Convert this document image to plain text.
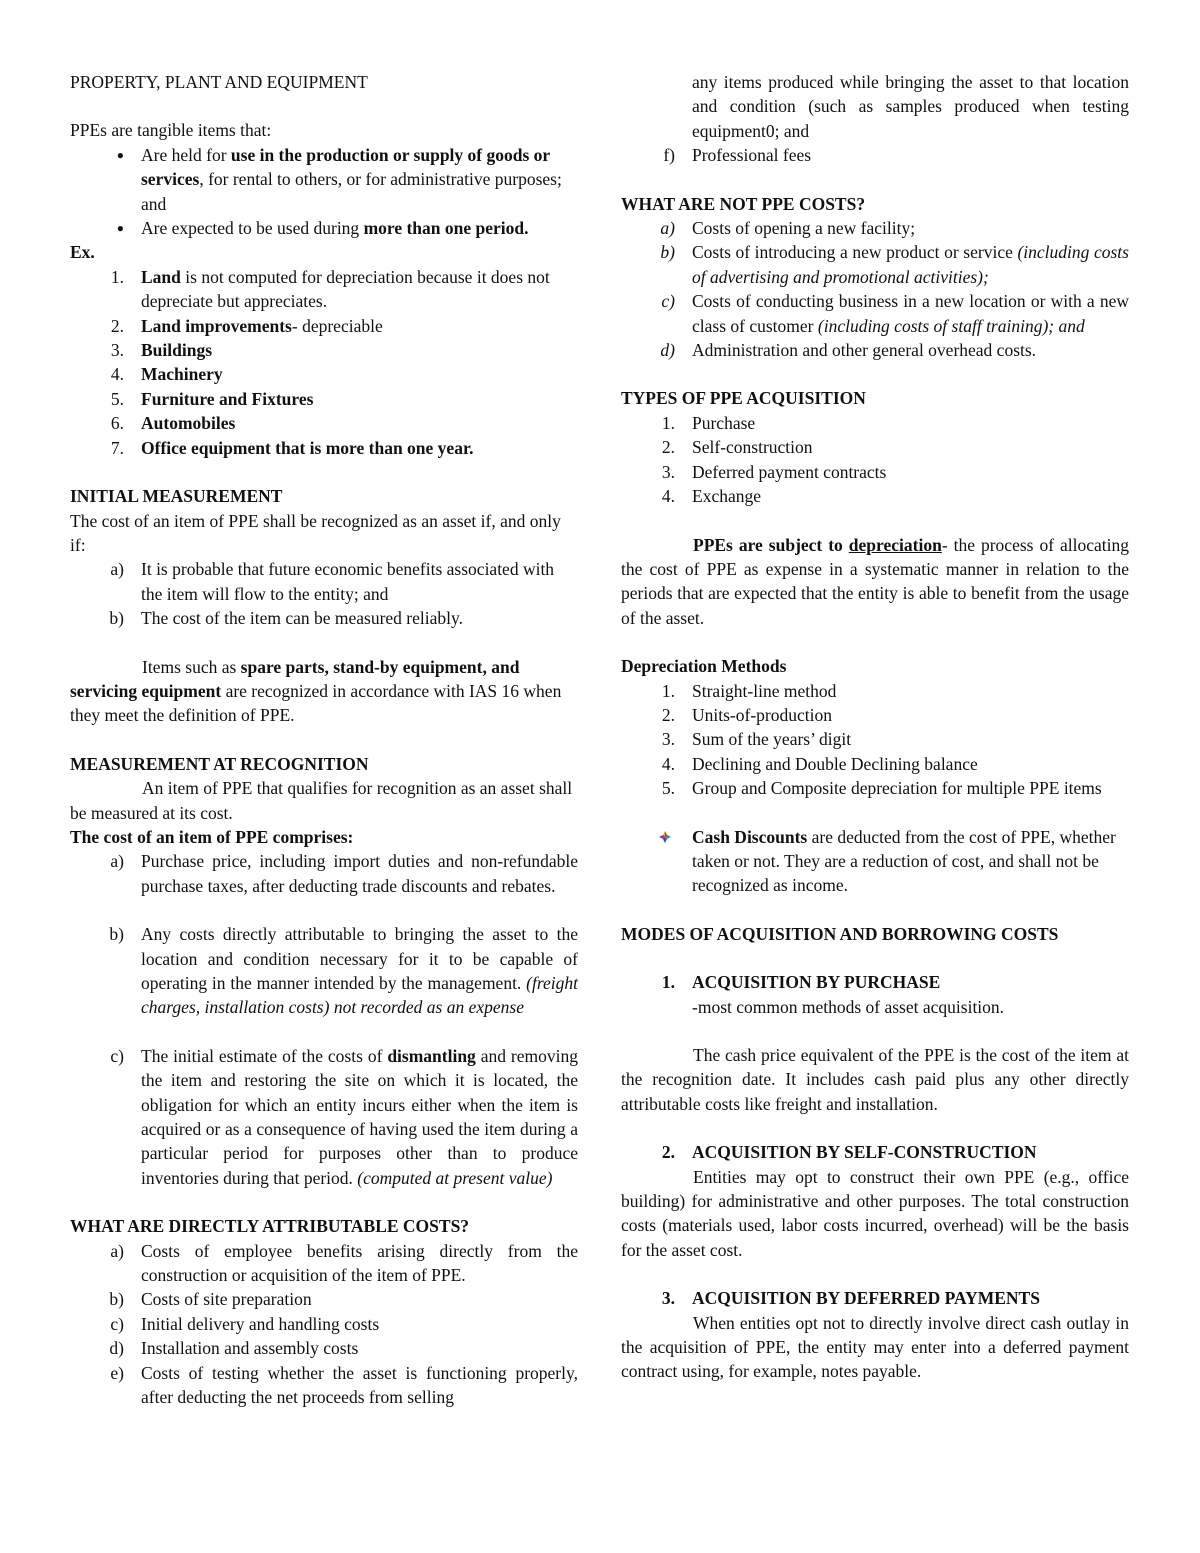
PROPERTY, PLANT AND EQUIPMENT

PPEs are tangible items that:

● Are held for use in the production or supply of goods or services, for rental to others, or for administrative purposes; and
● Are expected to be used during more than one period.

Ex.

1. Land is not computed for depreciation because it does not depreciate but appreciates.
2. Land improvements- depreciable
3. Buildings
4. Machinery
5. Furniture and Fixtures
6. Automobiles
7. Office equipment that is more than one year.

INITIAL MEASUREMENT

The cost of an item of PPE shall be recognized as an asset if, and only if:

a) It is probable that future economic benefits associated with the item will flow to the entity; and
b) The cost of the item can be measured reliably.

Items such as spare parts, stand-by equipment, and servicing equipment are recognized in accordance with IAS 16 when they meet the definition of PPE.

MEASUREMENT AT RECOGNITION

An item of PPE that qualifies for recognition as an asset shall be measured at its cost.

The cost of an item of PPE comprises:

a) Purchase price, including import duties and non-refundable purchase taxes, after deducting trade discounts and rebates.
b) Any costs directly attributable to bringing the asset to the location and condition necessary for it to be capable of operating in the manner intended by the management. (freight charges, installation costs) not recorded as an expense
c) The initial estimate of the costs of dismantling and removing the item and restoring the site on which it is located, the obligation for which an entity incurs either when the item is acquired or as a consequence of having used the item during a particular period for purposes other than to produce inventories during that period. (computed at present value)

WHAT ARE DIRECTLY ATTRIBUTABLE COSTS?

a) Costs of employee benefits arising directly from the construction or acquisition of the item of PPE.
b) Costs of site preparation
c) Initial delivery and handling costs
d) Installation and assembly costs
e) Costs of testing whether the asset is functioning properly, after deducting the net proceeds from selling
any items produced while bringing the asset to that location and condition (such as samples produced when testing equipment0; and
f) Professional fees

WHAT ARE NOT PPE COSTS?

a) Costs of opening a new facility;
b) Costs of introducing a new product or service (including costs of advertising and promotional activities);
c) Costs of conducting business in a new location or with a new class of customer (including costs of staff training); and
d) Administration and other general overhead costs.

TYPES OF PPE ACQUISITION

1. Purchase
2. Self-construction
3. Deferred payment contracts
4. Exchange

PPEs are subject to depreciation- the process of allocating the cost of PPE as expense in a systematic manner in relation to the periods that are expected that the entity is able to benefit from the usage of the asset.

Depreciation Methods

1. Straight-line method
2. Units-of-production
3. Sum of the years’ digit
4. Declining and Double Declining balance
5. Group and Composite depreciation for multiple PPE items
Cash Discounts are deducted from the cost of PPE, whether taken or not. They are a reduction of cost, and shall not be recognized as income.

MODES OF ACQUISITION AND BORROWING COSTS

1. ACQUISITION BY PURCHASE
-most common methods of asset acquisition.

The cash price equivalent of the PPE is the cost of the item at the recognition date. It includes cash paid plus any other directly attributable costs like freight and installation.

2. ACQUISITION BY SELF-CONSTRUCTION

Entities may opt to construct their own PPE (e.g., office building) for administrative and other purposes. The total construction costs (materials used, labor costs incurred, overhead) will be the basis for the asset cost.

3. ACQUISITION BY DEFERRED PAYMENTS

When entities opt not to directly involve direct cash outlay in the acquisition of PPE, the entity may enter into a deferred payment contract using, for example, notes payable.
